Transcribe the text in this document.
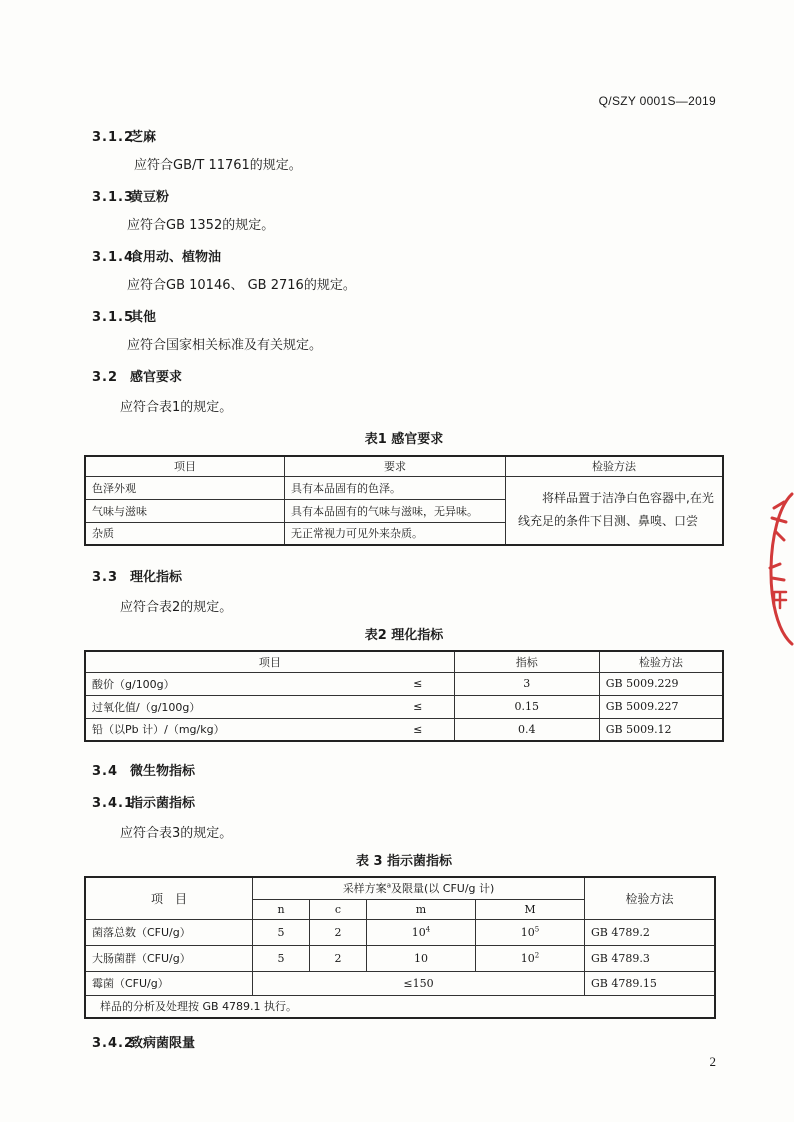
Q/SZY 0001S—2019
3.1.2芝麻
应符合GB/T 11761的规定。
3.1.3黄豆粉
应符合GB 1352的规定。
3.1.4食用动、植物油
应符合GB 10146、 GB 2716的规定。
3.1.5其他
应符合国家相关标准及有关规定。
3.2 感官要求
应符合表1的规定。
表1 感官要求
项目	要求	检验方法
色泽外观	具有本品固有的色泽。	将样品置于洁净白色容器中,在光线充足的条件下目测、鼻嗅、口尝
气味与滋味	具有本品固有的气味与滋味，无异味。	
杂质	无正常视力可见外来杂质。	
3.3 理化指标
应符合表2的规定。
表2 理化指标
项目		指标	检验方法
酸价（g/100g）	≤	3	GB 5009.229
过氧化值/（g/100g）	≤	0.15	GB 5009.227
铅（以Pb 计）/（mg/kg）	≤	0.4	GB 5009.12
3.4 微生物指标
3.4.1指示菌指标
应符合表3的规定。
表 3 指示菌指标
项　目	采样方案$^a$及限量(以 CFU/g 计)				检验方法
	n	c	m	M	
菌落总数（CFU/g）	5	2	$10^4$	$10^5$	GB 4789.2
大肠菌群（CFU/g）	5	2	10	$10^2$	GB 4789.3
霉菌（CFU/g）	≤150				GB 4789.15
样品的分析及处理按 GB 4789.1 执行。					
3.4.2致病菌限量
2
